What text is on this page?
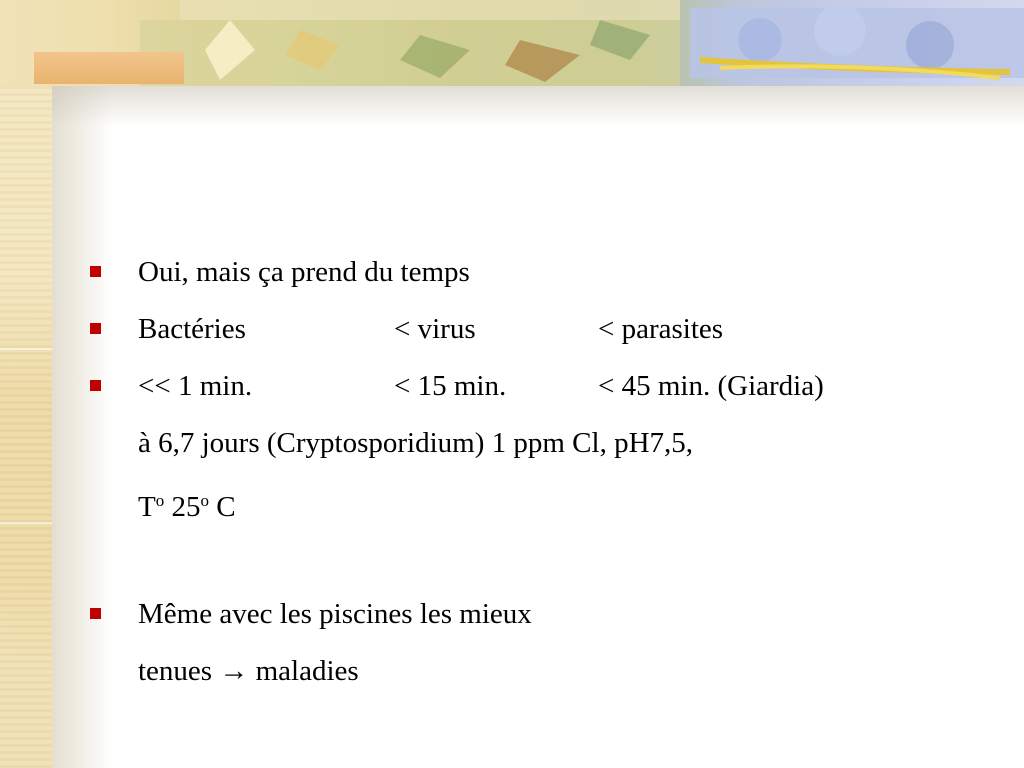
Oui, mais ça prend du temps
Bactéries	< virus	< parasites
<< 1 min.	< 15 min.	< 45 min. (Giardia)
à 6,7 jours (Cryptosporidium) 1 ppm Cl, pH7,5,
$T^o$ 25$^o$ C
Même avec les piscines les mieux
tenues → maladies
